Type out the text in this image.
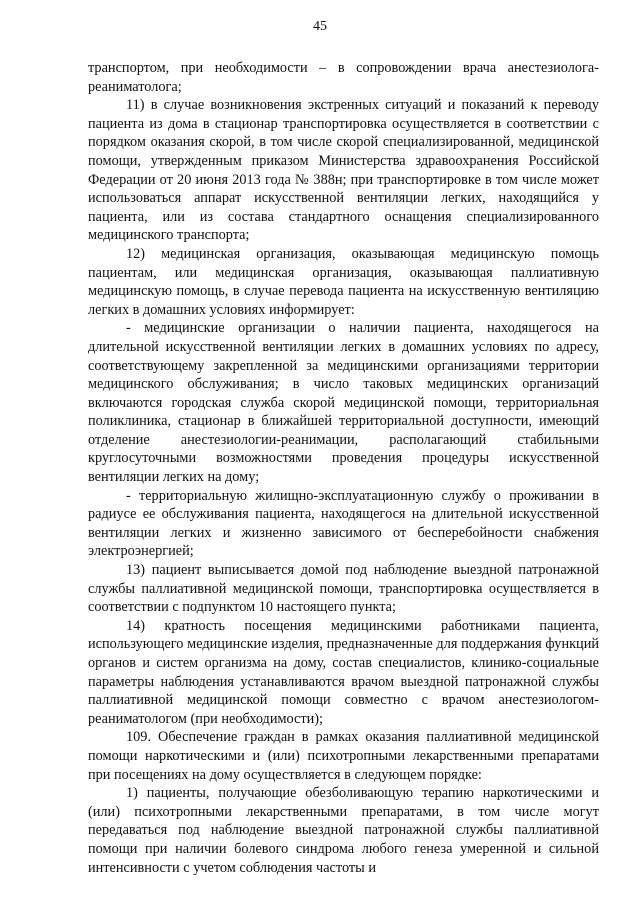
45

транспортом, при необходимости – в сопровождении врача анестезиолога-реаниматолога;

11) в случае возникновения экстренных ситуаций и показаний к переводу пациента из дома в стационар транспортировка осуществляется в соответствии с порядком оказания скорой, в том числе скорой специализированной, медицинской помощи, утвержденным приказом Министерства здравоохранения Российской Федерации от 20 июня 2013 года № 388н; при транспортировке в том числе может использоваться аппарат искусственной вентиляции легких, находящийся у пациента, или из состава стандартного оснащения специализированного медицинского транспорта;

12) медицинская организация, оказывающая медицинскую помощь пациентам, или медицинская организация, оказывающая паллиативную медицинскую помощь, в случае перевода пациента на искусственную вентиляцию легких в домашних условиях информирует:

- медицинские организации о наличии пациента, находящегося на длительной искусственной вентиляции легких в домашних условиях по адресу, соответствующему закрепленной за медицинскими организациями территории медицинского обслуживания; в число таковых медицинских организаций включаются городская служба скорой медицинской помощи, территориальная поликлиника, стационар в ближайшей территориальной доступности, имеющий отделение анестезиологии-реанимации, располагающий стабильными круглосуточными возможностями проведения процедуры искусственной вентиляции легких на дому;

- территориальную жилищно-эксплуатационную службу о проживании в радиусе ее обслуживания пациента, находящегося на длительной искусственной вентиляции легких и жизненно зависимого от бесперебойности снабжения электроэнергией;

13) пациент выписывается домой под наблюдение выездной патронажной службы паллиативной медицинской помощи, транспортировка осуществляется в соответствии с подпунктом 10 настоящего пункта;

14) кратность посещения медицинскими работниками пациента, использующего медицинские изделия, предназначенные для поддержания функций органов и систем организма на дому, состав специалистов, клинико-социальные параметры наблюдения устанавливаются врачом выездной патронажной службы паллиативной медицинской помощи совместно с врачом анестезиологом-реаниматологом (при необходимости);

109. Обеспечение граждан в рамках оказания паллиативной медицинской помощи наркотическими и (или) психотропными лекарственными препаратами при посещениях на дому осуществляется в следующем порядке:

1) пациенты, получающие обезболивающую терапию наркотическими и (или) психотропными лекарственными препаратами, в том числе могут передаваться под наблюдение выездной патронажной службы паллиативной помощи при наличии болевого синдрома любого генеза умеренной и сильной интенсивности с учетом соблюдения частоты и
